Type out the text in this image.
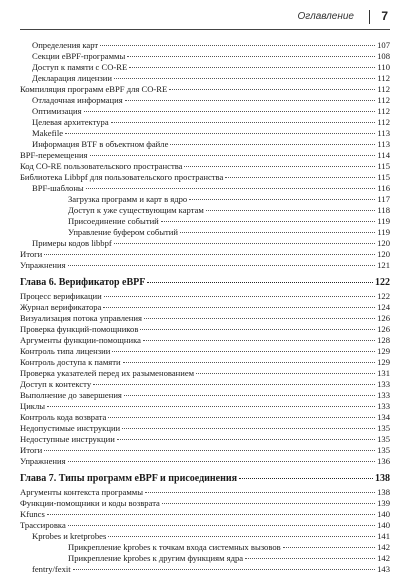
Оглавление 7
Определения карт	107
Секции eBPF-программы	108
Доступ к памяти с CO-RE	110
Декларация лицензии	112
Компиляция программ eBPF для CO-RE	112
Отладочная информация	112
Оптимизация	112
Целевая архитектура	112
Makefile	113
Информация BTF в объектном файле	113
BPF-перемещения	114
Код CO-RE пользовательского пространства	115
Библиотека Libbpf для пользовательского пространства	115
BPF-шаблоны	116
Загрузка программ и карт в ядро	117
Доступ к уже существующим картам	118
Присоединение событий	119
Управление буфером событий	119
Примеры кодов libbpf	120
Итоги	120
Упражнения	121
Глава 6. Верификатор eBPF	122
Процесс верификации	122
Журнал верификатора	124
Визуализация потока управления	126
Проверка функций-помощников	126
Аргументы функции-помощника	128
Контроль типа лицензии	129
Контроль доступа к памяти	129
Проверка указателей перед их разыменованием	131
Доступ к контексту	133
Выполнение до завершения	133
Циклы	133
Контроль кода возврата	134
Недопустимые инструкции	135
Недоступные инструкции	135
Итоги	135
Упражнения	136
Глава 7. Типы программ eBPF и присоединения	138
Аргументы контекста программы	138
Функции-помощники и коды возврата	139
Kfuncs	140
Трассировка	140
Kprobes и kretprobes	141
Прикрепление kprobes к точкам входа системных вызовов	142
Прикрепление kprobes к другим функциям ядра	142
fentry/fexit	143
